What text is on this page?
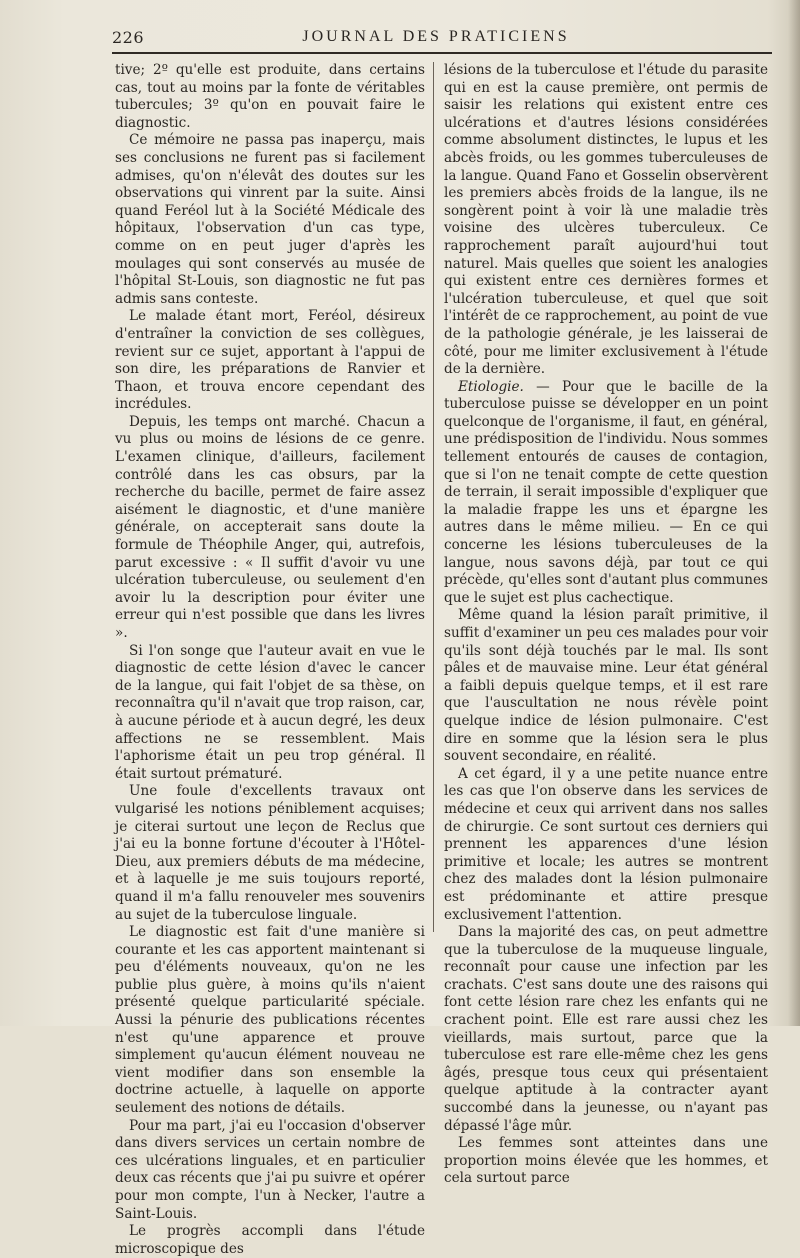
226	JOURNAL DES PRATICIENS

tive; 2º qu'elle est produite, dans certains cas, tout au moins par la fonte de véritables tubercules; 3º qu'on en pouvait faire le diagnostic.

Ce mémoire ne passa pas inaperçu, mais ses conclusions ne furent pas si facilement admises, qu'on n'élevât des doutes sur les observations qui vinrent par la suite. Ainsi quand Feréol lut à la Société Médicale des hôpitaux, l'observation d'un cas type, comme on en peut juger d'après les moulages qui sont conservés au musée de l'hôpital St-Louis, son diagnostic ne fut pas admis sans conteste.

Le malade étant mort, Feréol, désireux d'entraîner la conviction de ses collègues, revient sur ce sujet, apportant à l'appui de son dire, les préparations de Ranvier et Thaon, et trouva encore cependant des incrédules.

Depuis, les temps ont marché. Chacun a vu plus ou moins de lésions de ce genre. L'examen clinique, d'ailleurs, facilement contrôlé dans les cas obsurs, par la recherche du bacille, permet de faire assez aisément le diagnostic, et d'une manière générale, on accepterait sans doute la formule de Théophile Anger, qui, autrefois, parut excessive : « Il suffit d'avoir vu une ulcération tuberculeuse, ou seulement d'en avoir lu la description pour éviter une erreur qui n'est possible que dans les livres ».

Si l'on songe que l'auteur avait en vue le diagnostic de cette lésion d'avec le cancer de la langue, qui fait l'objet de sa thèse, on reconnaîtra qu'il n'avait que trop raison, car, à aucune période et à aucun degré, les deux affections ne se ressemblent. Mais l'aphorisme était un peu trop général. Il était surtout prématuré.

Une foule d'excellents travaux ont vulgarisé les notions péniblement acquises; je citerai surtout une leçon de Reclus que j'ai eu la bonne fortune d'écouter à l'Hôtel-Dieu, aux premiers débuts de ma médecine, et à laquelle je me suis toujours reporté, quand il m'a fallu renouveler mes souvenirs au sujet de la tuberculose linguale.

Le diagnostic est fait d'une manière si courante et les cas apportent maintenant si peu d'éléments nouveaux, qu'on ne les publie plus guère, à moins qu'ils n'aient présenté quelque particularité spéciale. Aussi la pénurie des publications récentes n'est qu'une apparence et prouve simplement qu'aucun élément nouveau ne vient modifier dans son ensemble la doctrine actuelle, à laquelle on apporte seulement des notions de détails.

Pour ma part, j'ai eu l'occasion d'observer dans divers services un certain nombre de ces ulcérations linguales, et en particulier deux cas récents que j'ai pu suivre et opérer pour mon compte, l'un à Necker, l'autre a Saint-Louis.

Le progrès accompli dans l'étude microscopique des

lésions de la tuberculose et l'étude du parasite qui en est la cause première, ont permis de saisir les relations qui existent entre ces ulcérations et d'autres lésions considérées comme absolument distinctes, le lupus et les abcès froids, ou les gommes tuberculeuses de la langue. Quand Fano et Gosselin observèrent les premiers abcès froids de la langue, ils ne songèrent point à voir là une maladie très voisine des ulcères tuberculeux. Ce rapprochement paraît aujourd'hui tout naturel. Mais quelles que soient les analogies qui existent entre ces dernières formes et l'ulcération tuberculeuse, et quel que soit l'intérêt de ce rapprochement, au point de vue de la pathologie générale, je les laisserai de côté, pour me limiter exclusivement à l'étude de la dernière.

Etiologie. — Pour que le bacille de la tuberculose puisse se développer en un point quelconque de l'organisme, il faut, en général, une prédisposition de l'individu. Nous sommes tellement entourés de causes de contagion, que si l'on ne tenait compte de cette question de terrain, il serait impossible d'expliquer que la maladie frappe les uns et épargne les autres dans le même milieu. — En ce qui concerne les lésions tuberculeuses de la langue, nous savons déjà, par tout ce qui précède, qu'elles sont d'autant plus communes que le sujet est plus cachectique.

Même quand la lésion paraît primitive, il suffit d'examiner un peu ces malades pour voir qu'ils sont déjà touchés par le mal. Ils sont pâles et de mauvaise mine. Leur état général a faibli depuis quelque temps, et il est rare que l'auscultation ne nous révèle point quelque indice de lésion pulmonaire. C'est dire en somme que la lésion sera le plus souvent secondaire, en réalité.

A cet égard, il y a une petite nuance entre les cas que l'on observe dans les services de médecine et ceux qui arrivent dans nos salles de chirurgie. Ce sont surtout ces derniers qui prennent les apparences d'une lésion primitive et locale; les autres se montrent chez des malades dont la lésion pulmonaire est prédominante et attire presque exclusivement l'attention.

Dans la majorité des cas, on peut admettre que la tuberculose de la muqueuse linguale, reconnaît pour cause une infection par les crachats. C'est sans doute une des raisons qui font cette lésion rare chez les enfants qui ne crachent point. Elle est rare aussi chez les vieillards, mais surtout, parce que la tuberculose est rare elle-même chez les gens âgés, presque tous ceux qui présentaient quelque aptitude à la contracter ayant succombé dans la jeunesse, ou n'ayant pas dépassé l'âge mûr.

Les femmes sont atteintes dans une proportion moins élevée que les hommes, et cela surtout parce
